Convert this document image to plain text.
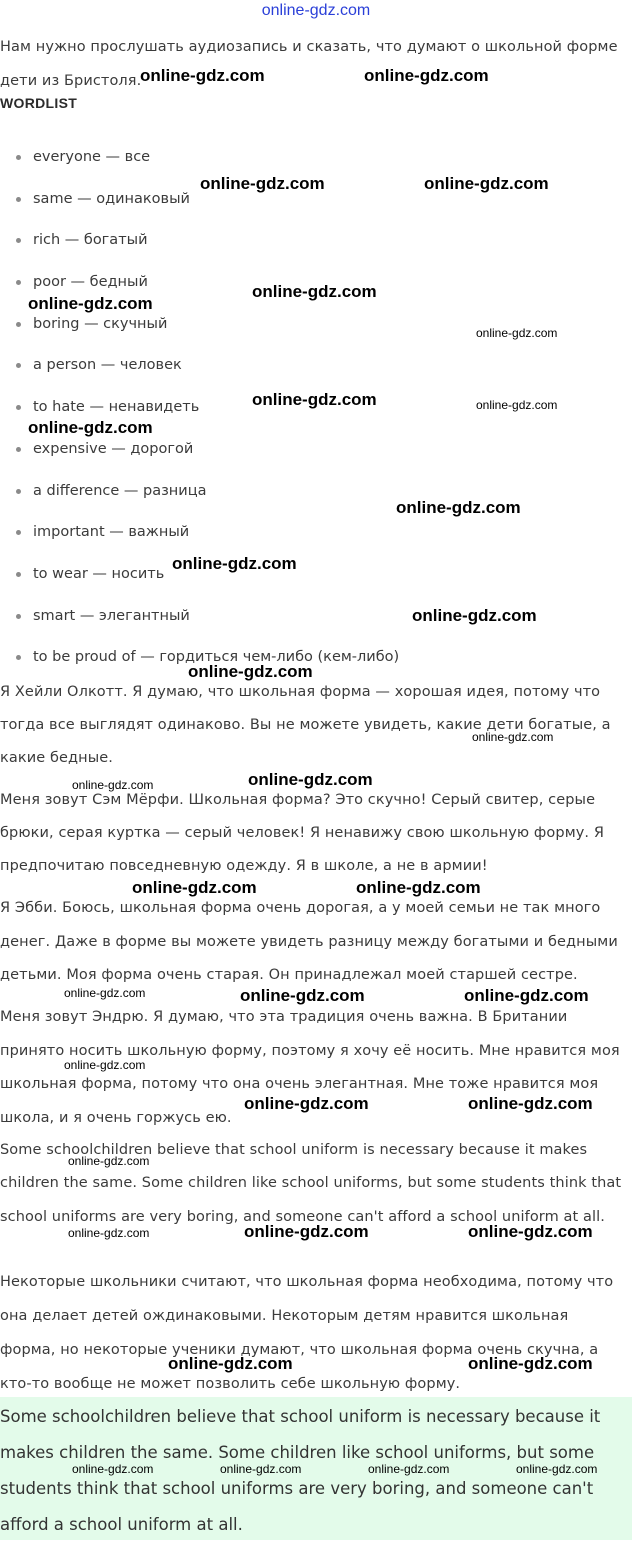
online-gdz.com

Нам нужно прослушать аудиозапись и сказать, что думают о школьной форме дети из Бристоля.

WORDLIST
everyone — все
same — одинаковый
rich — богатый
poor — бедный
boring — скучный
a person — человек
to hate — ненавидеть
expensive — дорогой
a difference — разница
important — важный
to wear — носить
smart — элегантный
to be proud of — гордиться чем-либо (кем-либо)

Я Хейли Олкотт. Я думаю, что школьная форма — хорошая идея, потому что тогда все выглядят одинаково. Вы не можете увидеть, какие дети богатые, а какие бедные.

Меня зовут Сэм Мёрфи. Школьная форма? Это скучно! Серый свитер, серые брюки, серая куртка — серый человек! Я ненавижу свою школьную форму. Я предпочитаю повседневную одежду. Я в школе, а не в армии!

Я Эбби. Боюсь, школьная форма очень дорогая, а у моей семьи не так много денег. Даже в форме вы можете увидеть разницу между богатыми и бедными детьми. Моя форма очень старая. Он принадлежал моей старшей сестре.

Меня зовут Эндрю. Я думаю, что эта традиция очень важна. В Британии принято носить школьную форму, поэтому я хочу её носить. Мне нравится моя школьная форма, потому что она очень элегантная. Мне тоже нравится моя школа, и я очень горжусь ею.

Some schoolchildren believe that school uniform is necessary because it makes children the same. Some children like school uniforms, but some students think that school uniforms are very boring, and someone can't afford a school uniform at all.

Некоторые школьники считают, что школьная форма необходима, потому что она делает детей ождинаковыми. Некоторым детям нравится школьная форма, но некоторые ученики думают, что школьная форма очень скучна, а кто-то вообще не может позволить себе школьную форму.

Some schoolchildren believe that school uniform is necessary because it makes children the same. Some children like school uniforms, but some students think that school uniforms are very boring, and someone can't afford a school uniform at all.

online-gdz.com	online-gdz.com
online-gdz.com	online-gdz.com
online-gdz.com
online-gdz.com
online-gdz.com
online-gdz.com	online-gdz.com
online-gdz.com
online-gdz.com
online-gdz.com
online-gdz.com
online-gdz.com
online-gdz.com
online-gdz.com
online-gdz.com
online-gdz.com	online-gdz.com
online-gdz.com	online-gdz.com	online-gdz.com
online-gdz.com
online-gdz.com	online-gdz.com
online-gdz.com
online-gdz.com	online-gdz.com	online-gdz.com
online-gdz.com	online-gdz.com
online-gdz.com	online-gdz.com	online-gdz.com	online-gdz.com
